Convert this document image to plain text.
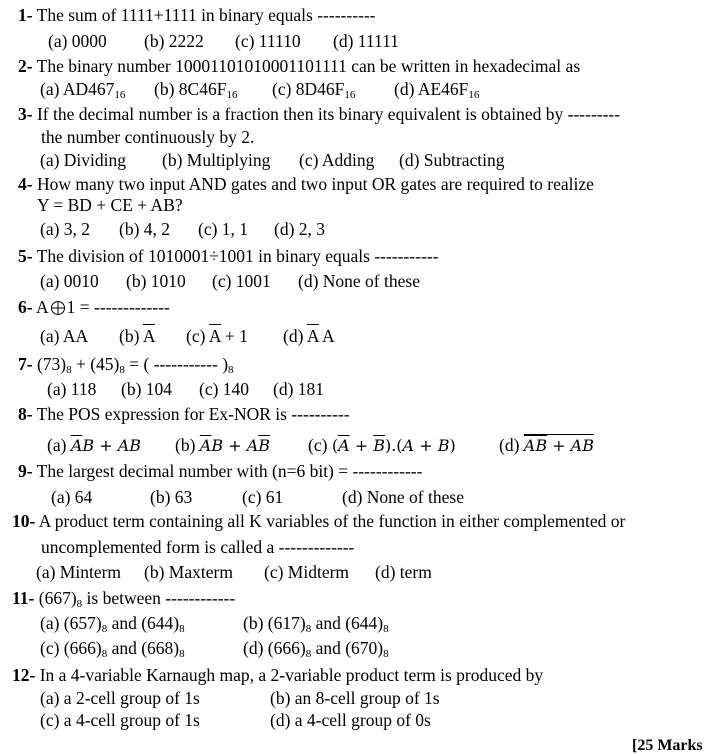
1- The sum of 1111+1111 in binary equals ----------
(a) 0000 (b) 2222 (c) 11110 (d) 11111
2- The binary number 10001101010001101111 can be written in hexadecimal as
(a) $AD467_{16}$ (b) $8C46F_{16}$ (c) $8D46F_{16}$ (d) $AE46F_{16}$
3- If the decimal number is a fraction then its binary equivalent is obtained by ---------
the number continuously by 2.
(a) Dividing (b) Multiplying (c) Adding (d) Subtracting
4- How many two input AND gates and two input OR gates are required to realize
Y = BD + CE + AB?
(a) 3, 2 (b) 4, 2 (c) 1, 1 (d) 2, 3
5- The division of 1010001÷1001 in binary equals -----------
(a) 0010 (b) 1010 (c) 1001 (d) None of these
6- A 1 = -------------
(a) AA (b) A (c) A + 1 (d) A A
7- $(73)_8 + (45)_8$ = ( ----------- )$_8$
(a) 118 (b) 104 (c) 140 (d) 181
8- The POS expression for Ex-NOR is ----------
(a) $\overline{A}B$ + AB (b) $\overline{A}B + A\overline{B}$ (c) $(\overline{A} + \overline{B}).(A + B)$ (d) $\overline{AB}$ + AB
9- The largest decimal number with (n=6 bit) = ------------
(a) 64	(b) 63	(c) 61	(d) None of these
10- A product term containing all K variables of the function in either complemented or
uncomplemented form is called a -------------
(a) Minterm (b) Maxterm (c) Midterm (d) term
11- $(667)_8$ is between ------------
(a) $(657)_8$ and $(644)_8$	(b) $(617)_8$ and $(644)_8$
(c) $(666)_8$ and $(668)_8$	(d) $(666)_8$ and $(670)_8$
12- In a 4-variable Karnaugh map, a 2-variable product term is produced by
(a) a 2-cell group of 1s	(b) an 8-cell group of 1s
(c) a 4-cell group of 1s	(d) a 4-cell group of 0s
[25 Marks
